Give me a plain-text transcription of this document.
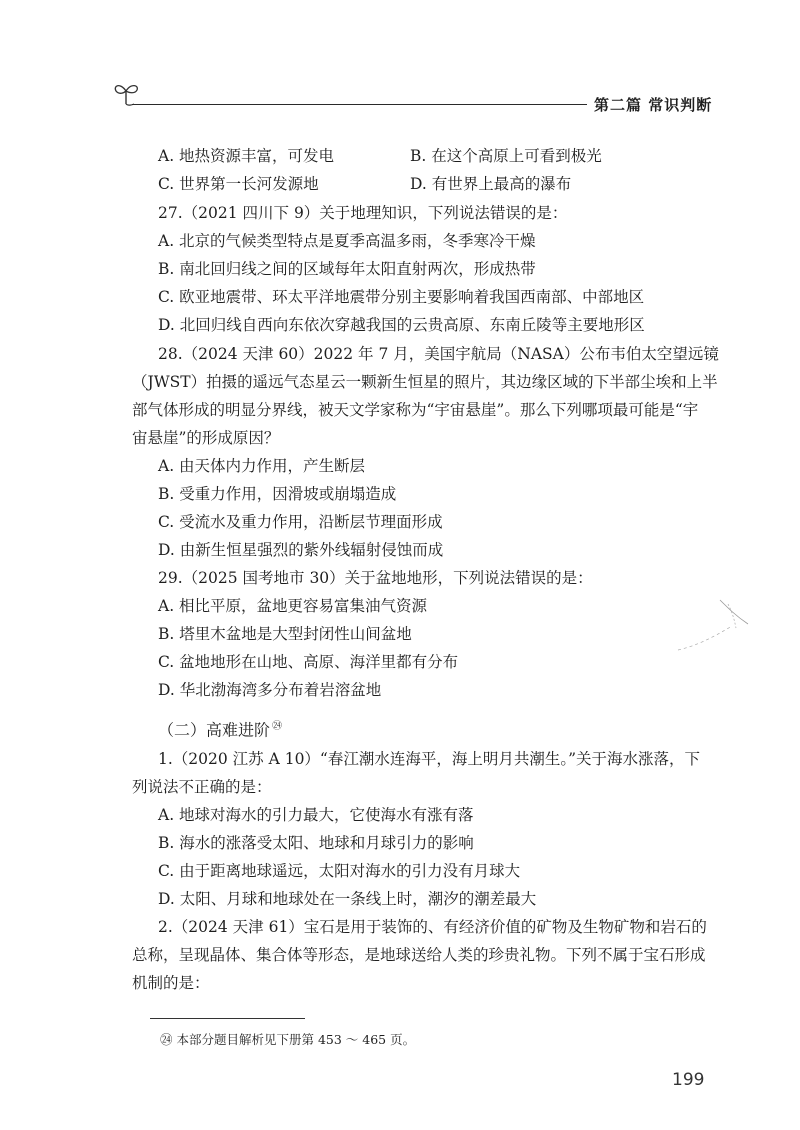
第二篇 常识判断
A. 地热资源丰富，可发电	B. 在这个高原上可看到极光
C. 世界第一长河发源地	D. 有世界上最高的瀑布
27.（2021 四川下 9）关于地理知识，下列说法错误的是：
A. 北京的气候类型特点是夏季高温多雨，冬季寒冷干燥
B. 南北回归线之间的区域每年太阳直射两次，形成热带
C. 欧亚地震带、环太平洋地震带分别主要影响着我国西南部、中部地区
D. 北回归线自西向东依次穿越我国的云贵高原、东南丘陵等主要地形区
28.（2024 天津 60）2022 年 7 月，美国宇航局（NASA）公布韦伯太空望远镜
（JWST）拍摄的遥远气态星云一颗新生恒星的照片，其边缘区域的下半部尘埃和上半
部气体形成的明显分界线，被天文学家称为“宇宙悬崖”。那么下列哪项最可能是“宇
宙悬崖”的形成原因？
A. 由天体内力作用，产生断层
B. 受重力作用，因滑坡或崩塌造成
C. 受流水及重力作用，沿断层节理面形成
D. 由新生恒星强烈的紫外线辐射侵蚀而成
29.（2025 国考地市 30）关于盆地地形，下列说法错误的是：
A. 相比平原，盆地更容易富集油气资源
B. 塔里木盆地是大型封闭性山间盆地
C. 盆地地形在山地、高原、海洋里都有分布
D. 华北渤海湾多分布着岩溶盆地
（二）高难进阶 $^㉔$
1.（2020 江苏 A 10）“春江潮水连海平，海上明月共潮生。”关于海水涨落，下
列说法不正确的是：
A. 地球对海水的引力最大，它使海水有涨有落
B. 海水的涨落受太阳、地球和月球引力的影响
C. 由于距离地球遥远，太阳对海水的引力没有月球大
D. 太阳、月球和地球处在一条线上时，潮汐的潮差最大
2.（2024 天津 61）宝石是用于装饰的、有经济价值的矿物及生物矿物和岩石的
总称，呈现晶体、集合体等形态，是地球送给人类的珍贵礼物。下列不属于宝石形成
机制的是：
㉔ 本部分题目解析见下册第 453 ～ 465 页。
199
